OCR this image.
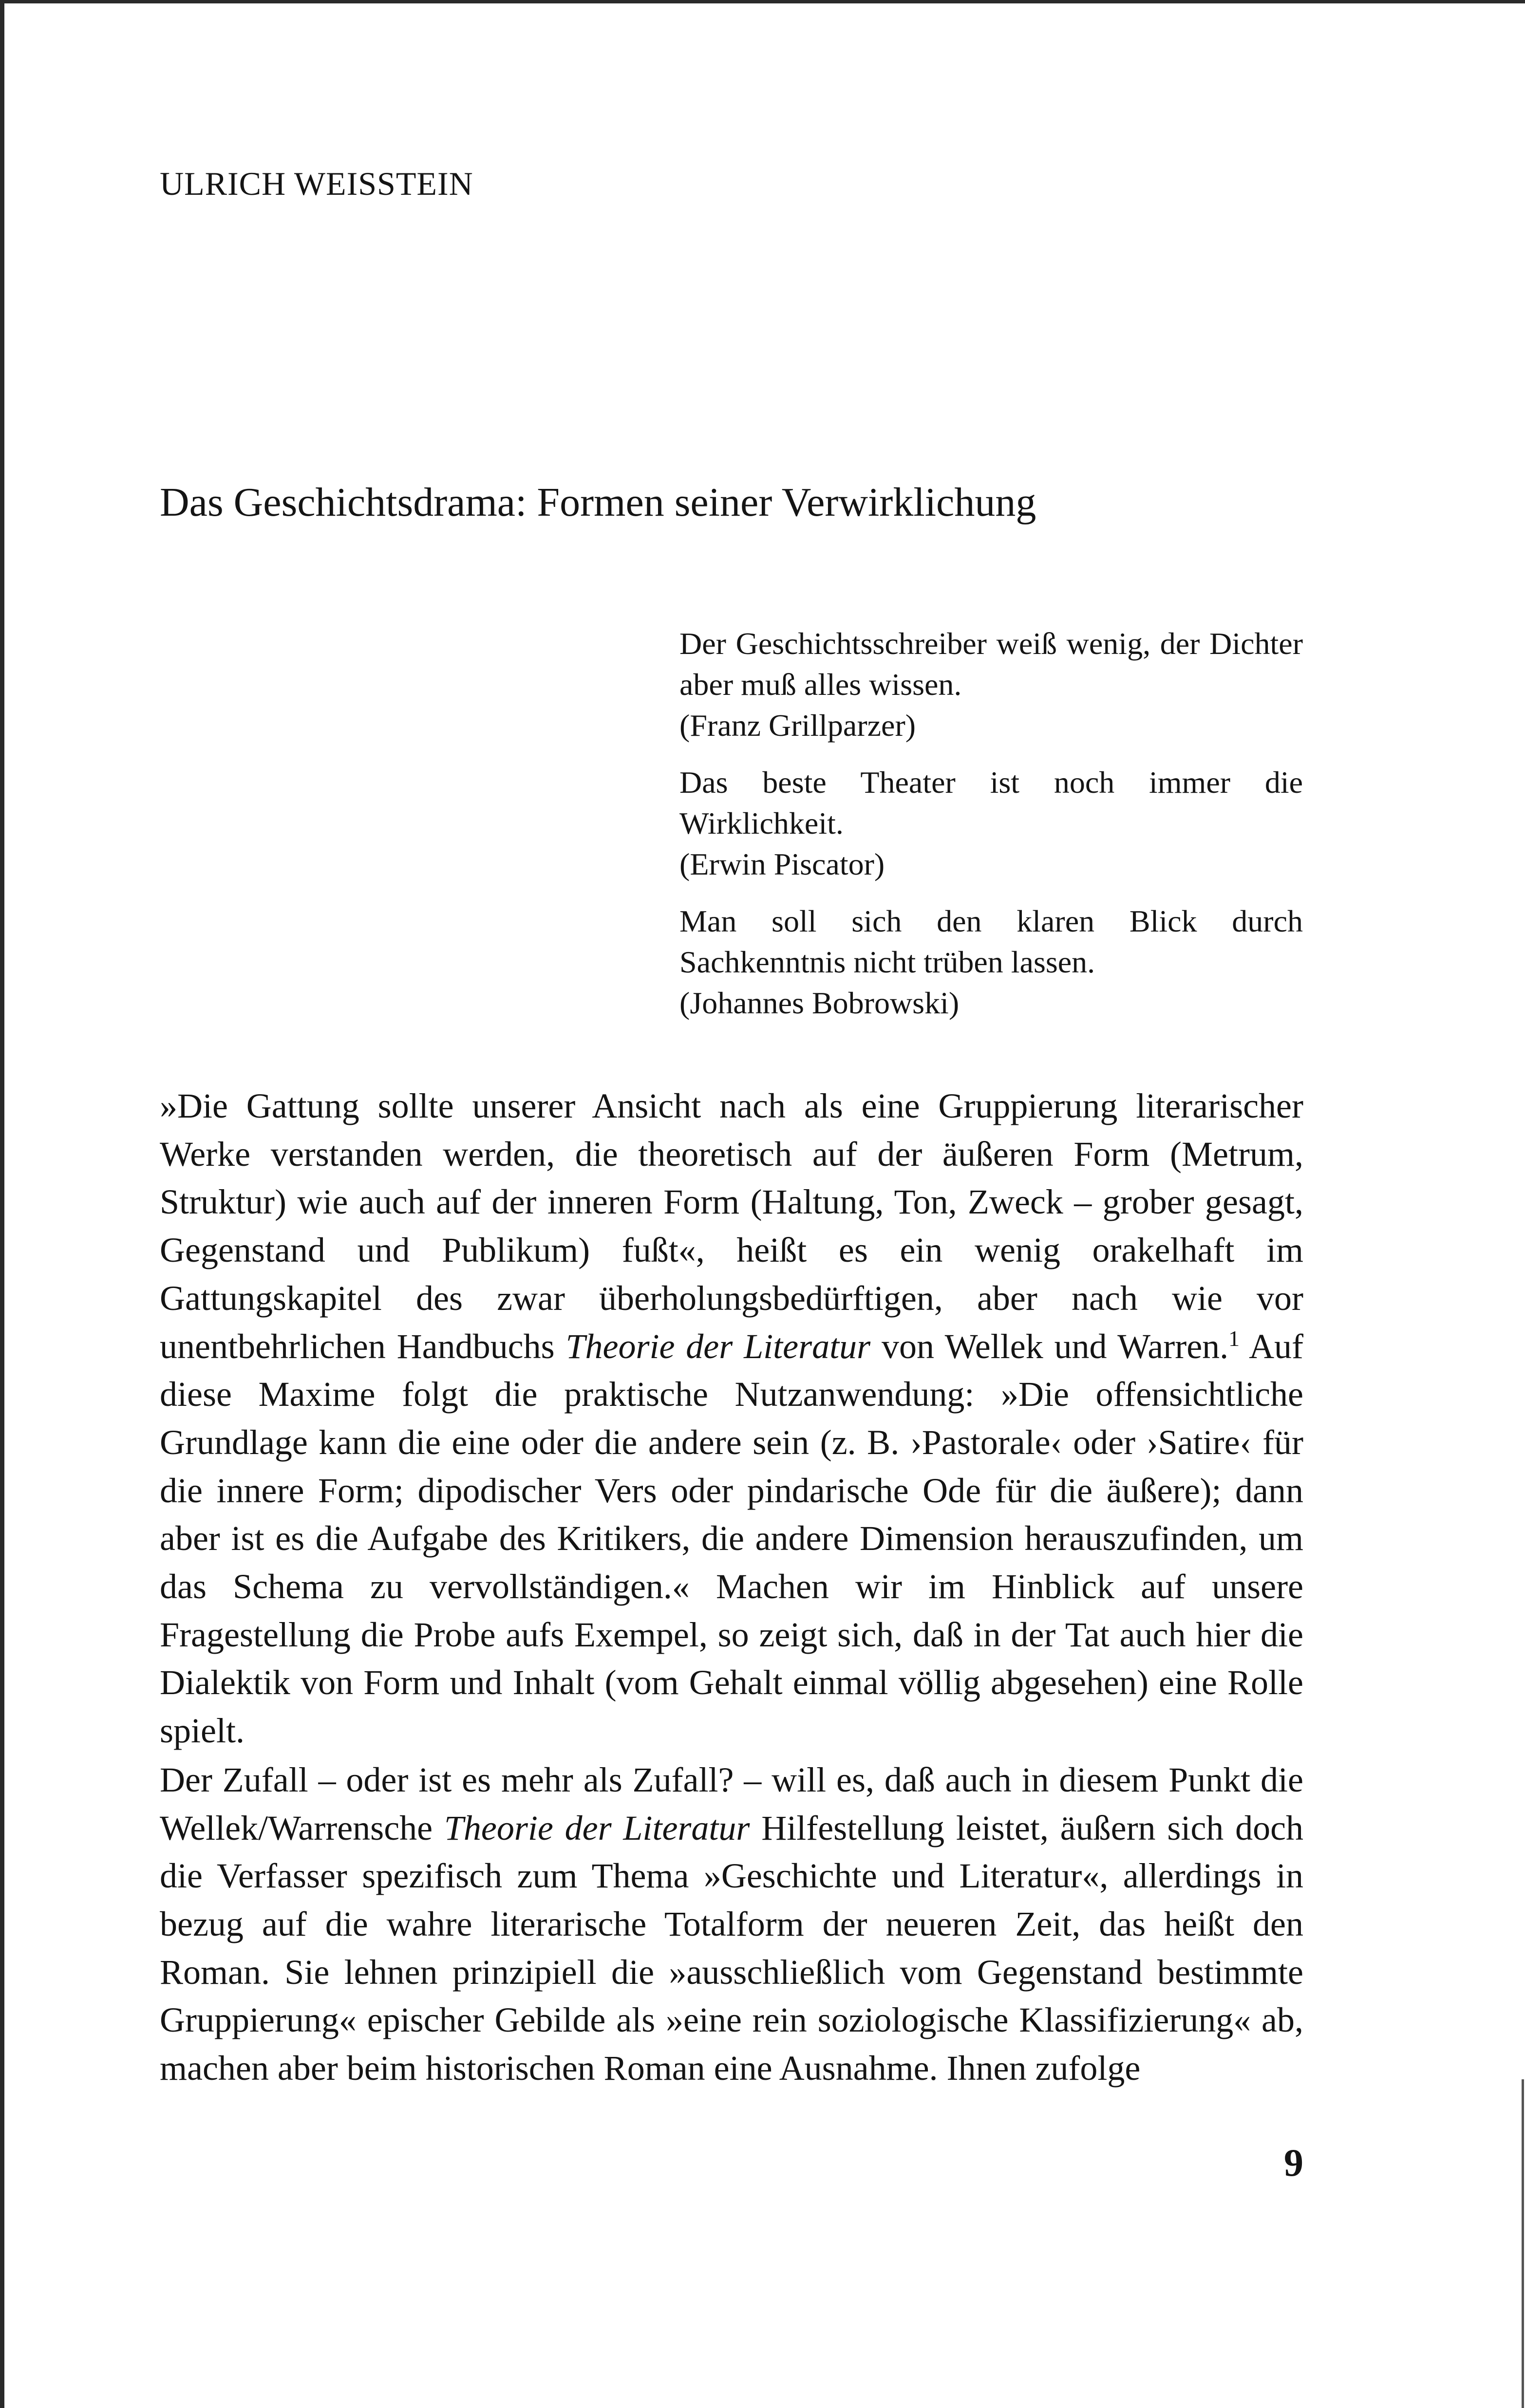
ULRICH WEISSTEIN
Das Geschichtsdrama: Formen seiner Verwirklichung

Der Geschichtsschreiber weiß wenig, der Dichter aber muß alles wissen.

(Franz Grillparzer)

Das beste Theater ist noch immer die Wirklichkeit.

(Erwin Piscator)

Man soll sich den klaren Blick durch Sachkenntnis nicht trüben lassen.

(Johannes Bobrowski)

»Die Gattung sollte unserer Ansicht nach als eine Gruppierung literarischer Werke verstanden werden, die theoretisch auf der äußeren Form (Metrum, Struktur) wie auch auf der inneren Form (Haltung, Ton, Zweck – grober gesagt, Gegenstand und Publikum) fußt«, heißt es ein wenig orakelhaft im Gattungskapitel des zwar überholungsbedürftigen, aber nach wie vor unentbehrlichen Handbuchs Theorie der Literatur von Wellek und Warren.$^1$ Auf diese Maxime folgt die praktische Nutzanwendung: »Die offensichtliche Grundlage kann die eine oder die andere sein (z. B. ›Pastorale‹ oder ›Satire‹ für die innere Form; dipodischer Vers oder pindarische Ode für die äußere); dann aber ist es die Aufgabe des Kritikers, die andere Dimension herauszufinden, um das Schema zu vervollständigen.« Machen wir im Hinblick auf unsere Fragestellung die Probe aufs Exempel, so zeigt sich, daß in der Tat auch hier die Dialektik von Form und Inhalt (vom Gehalt einmal völlig abgesehen) eine Rolle spielt.

Der Zufall – oder ist es mehr als Zufall? – will es, daß auch in diesem Punkt die Wellek/Warrensche Theorie der Literatur Hilfestellung leistet, äußern sich doch die Verfasser spezifisch zum Thema »Geschichte und Literatur«, allerdings in bezug auf die wahre literarische Totalform der neueren Zeit, das heißt den Roman. Sie lehnen prinzipiell die »ausschließlich vom Gegenstand bestimmte Gruppierung« epischer Gebilde als »eine rein soziologische Klassifizierung« ab, machen aber beim historischen Roman eine Ausnahme. Ihnen zufolge

9
